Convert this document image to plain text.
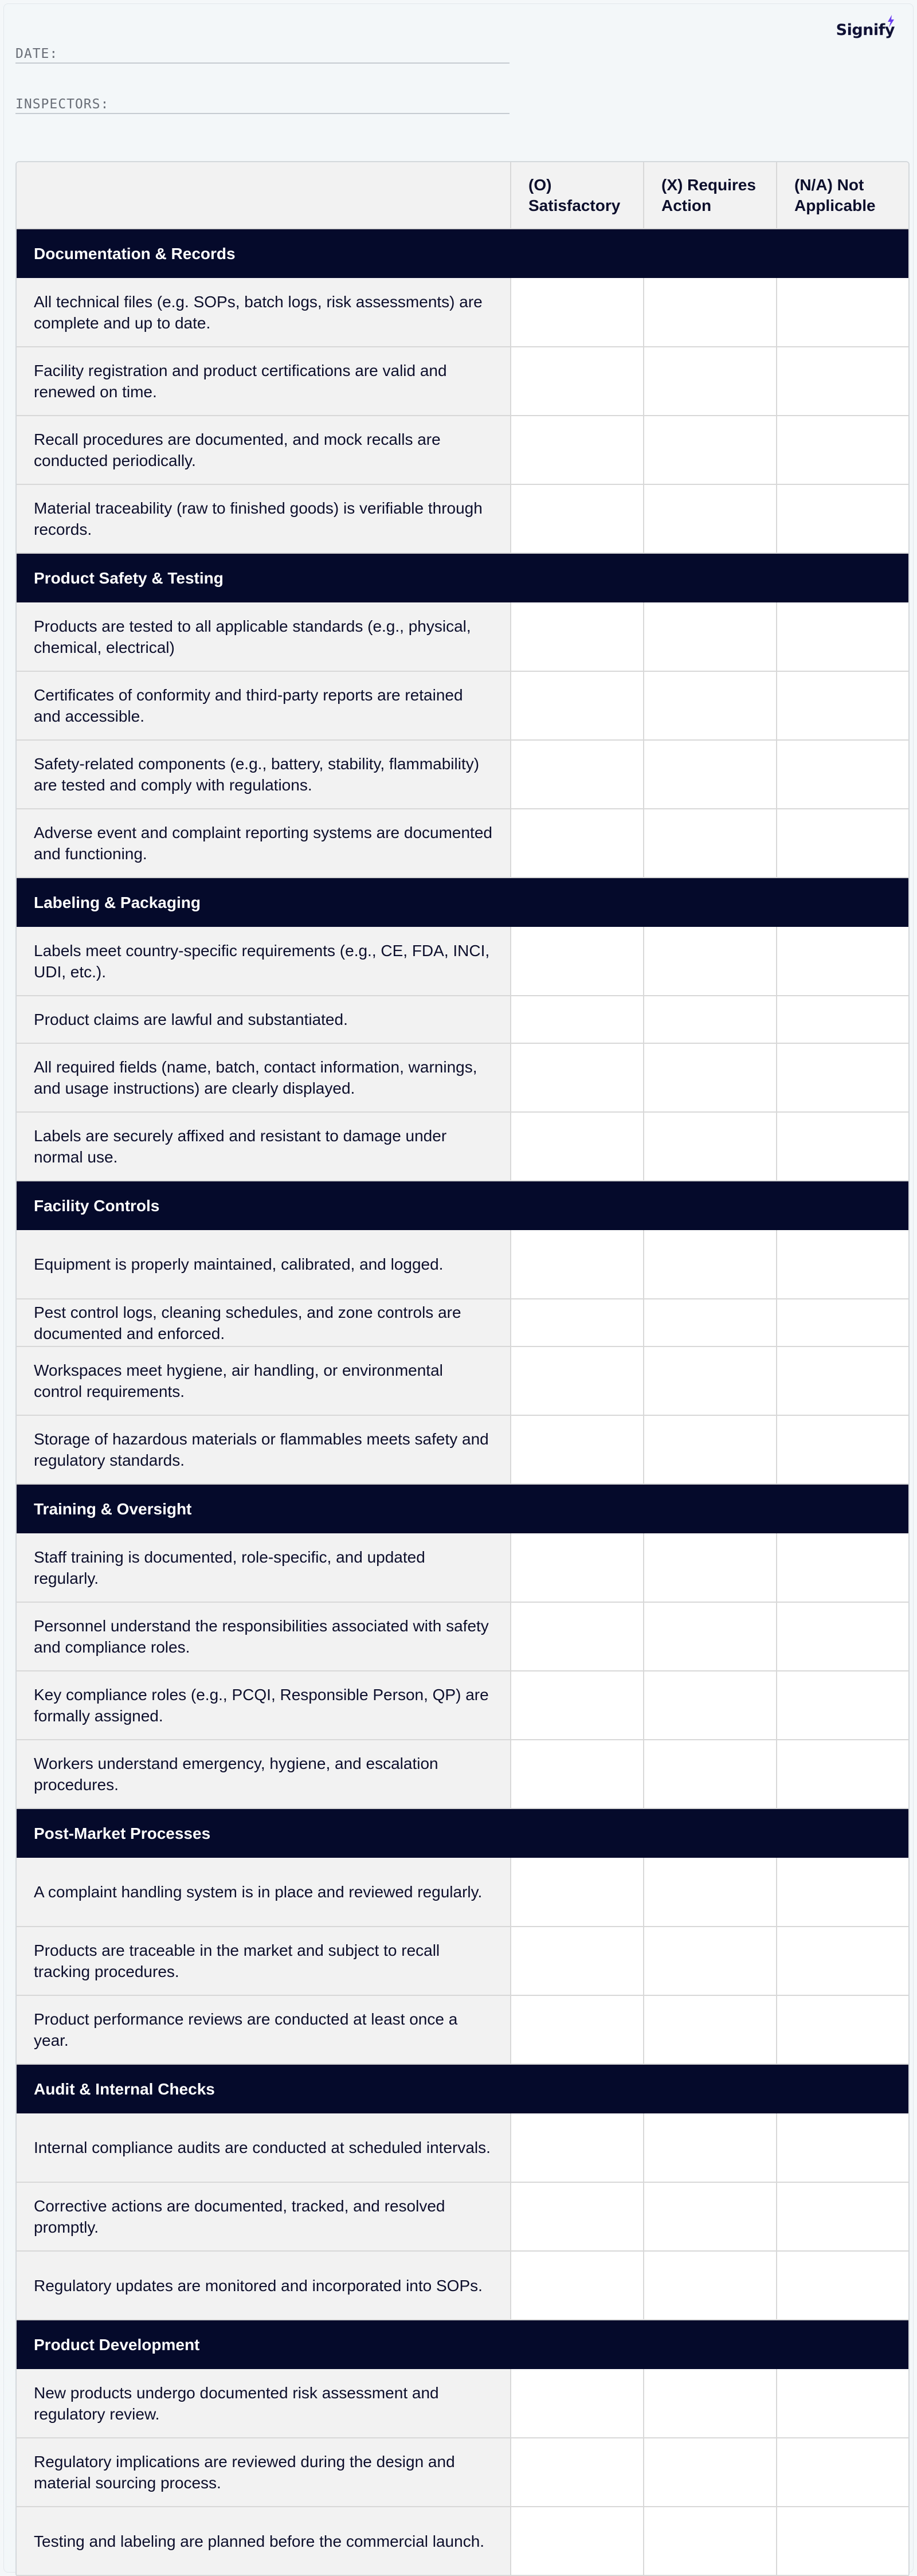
Signify
DATE:
INSPECTORS:
	(O) Satisfactory	(X) Requires Action	(N/A) Not Applicable
Documentation & Records			
All technical files (e.g. SOPs, batch logs, risk assessments) are complete and up to date.			
Facility registration and product certifications are valid and renewed on time.			
Recall procedures are documented, and mock recalls are conducted periodically.			
Material traceability (raw to finished goods) is verifiable through records.			
Product Safety & Testing			
Products are tested to all applicable standards (e.g., physical, chemical, electrical)			
Certificates of conformity and third-party reports are retained and accessible.			
Safety-related components (e.g., battery, stability, flammability) are tested and comply with regulations.			
Adverse event and complaint reporting systems are documented and functioning.			
Labeling & Packaging			
Labels meet country-specific requirements (e.g., CE, FDA, INCI, UDI, etc.).			
Product claims are lawful and substantiated.			
All required fields (name, batch, contact information, warnings, and usage instructions) are clearly displayed.			
Labels are securely affixed and resistant to damage under normal use.			
Facility Controls			
Equipment is properly maintained, calibrated, and logged.			
Pest control logs, cleaning schedules, and zone controls are documented and enforced.			
Workspaces meet hygiene, air handling, or environmental control requirements.			
Storage of hazardous materials or flammables meets safety and regulatory standards.			
Training & Oversight			
Staff training is documented, role-specific, and updated regularly.			
Personnel understand the responsibilities associated with safety and compliance roles.			
Key compliance roles (e.g., PCQI, Responsible Person, QP) are formally assigned.			
Workers understand emergency, hygiene, and escalation procedures.			
Post-Market Processes			
A complaint handling system is in place and reviewed regularly.			
Products are traceable in the market and subject to recall tracking procedures.			
Product performance reviews are conducted at least once a year.			
Audit & Internal Checks			
Internal compliance audits are conducted at scheduled intervals.			
Corrective actions are documented, tracked, and resolved promptly.			
Regulatory updates are monitored and incorporated into SOPs.			
Product Development			
New products undergo documented risk assessment and regulatory review.			
Regulatory implications are reviewed during the design and material sourcing process.			
Testing and labeling are planned before the commercial launch.			
